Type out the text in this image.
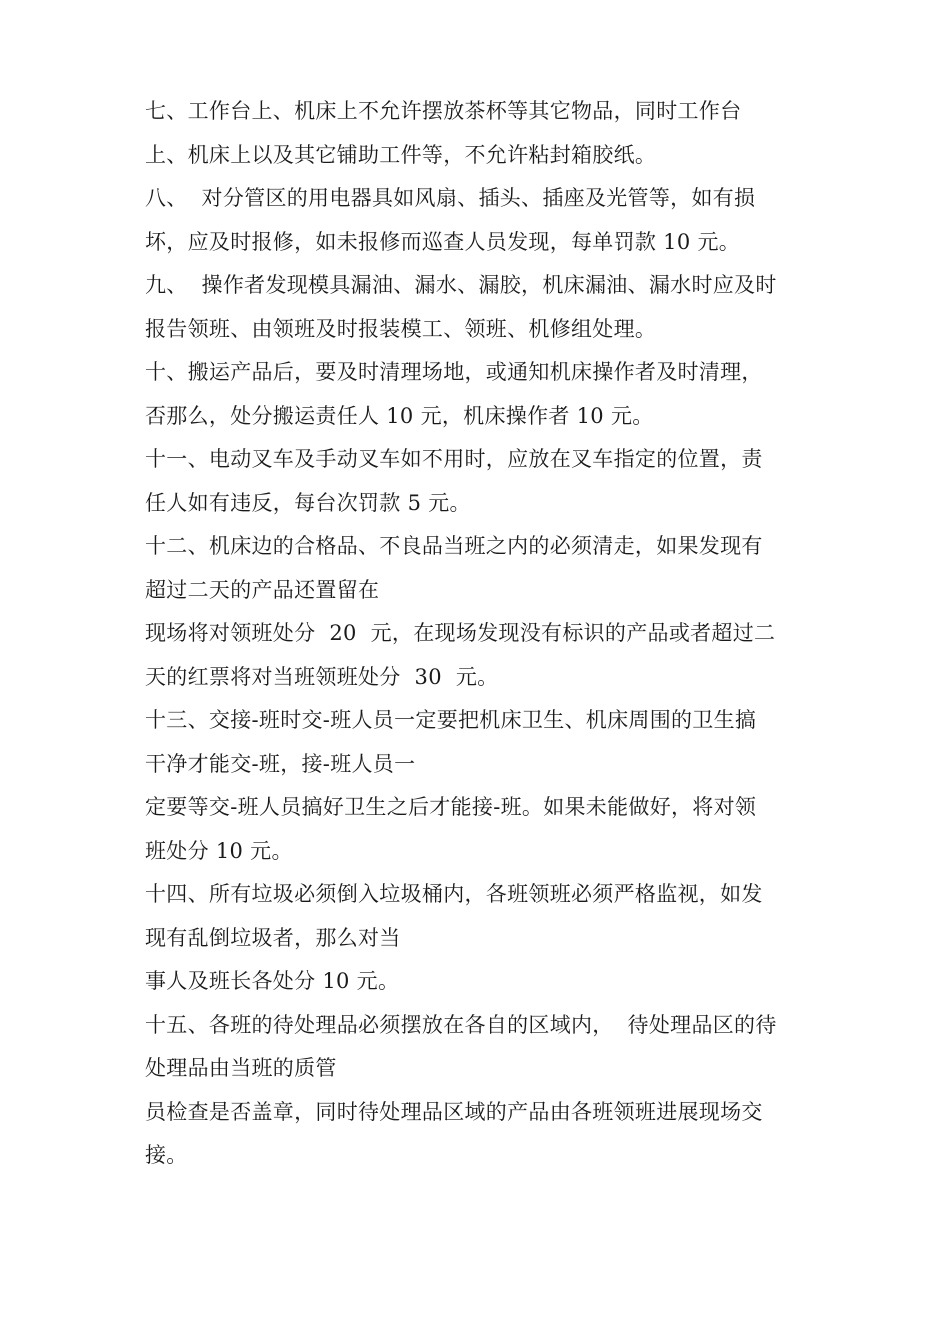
七、工作台上、机床上不允许摆放茶杯等其它物品，同时工作台
上、机床上以及其它铺助工件等，不允许粘封箱胶纸。
八、  对分管区的用电器具如风扇、插头、插座及光管等，如有损
坏，应及时报修，如未报修而巡查人员发现，每单罚款 10 元。
九、  操作者发现模具漏油、漏水、漏胶，机床漏油、漏水时应及时
报告领班、由领班及时报装模工、领班、机修组处理。
十、搬运产品后，要及时清理场地，或通知机床操作者及时清理，
否那么，处分搬运责任人 10 元，机床操作者 10 元。
十一、电动叉车及手动叉车如不用时，应放在叉车指定的位置，责
任人如有违反，每台次罚款 5 元。
十二、机床边的合格品、不良品当班之内的必须清走，如果发现有
超过二天的产品还置留在
现场将对领班处分  20  元，在现场发现没有标识的产品或者超过二
天的红票将对当班领班处分  30  元。
十三、交接-班时交-班人员一定要把机床卫生、机床周围的卫生搞
干净才能交-班，接-班人员一
定要等交-班人员搞好卫生之后才能接-班。如果未能做好，将对领
班处分 10 元。
十四、所有垃圾必须倒入垃圾桶内，各班领班必须严格监视，如发
现有乱倒垃圾者，那么对当
事人及班长各处分 10 元。
十五、各班的待处理品必须摆放在各自的区域内，  待处理品区的待
处理品由当班的质管
员检查是否盖章，同时待处理品区域的产品由各班领班进展现场交
接。
